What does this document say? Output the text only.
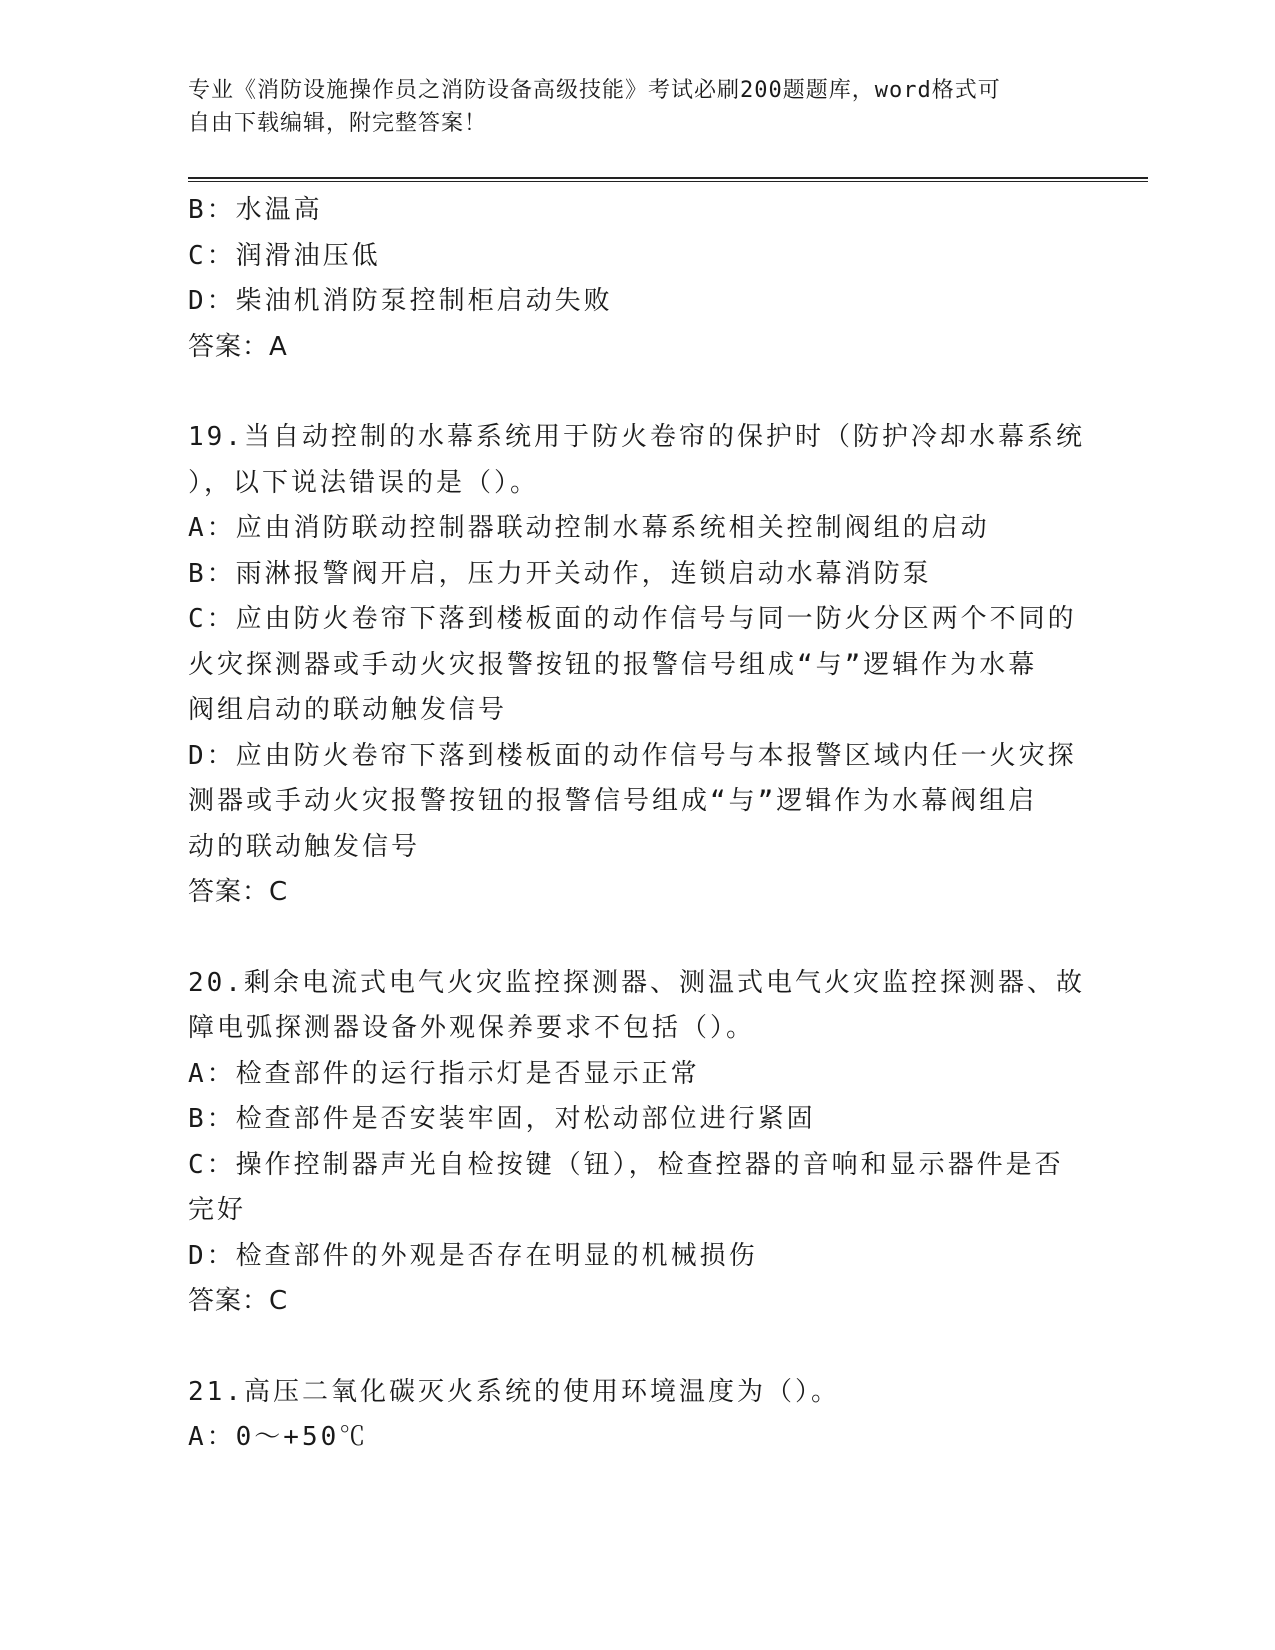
专业《消防设施操作员之消防设备高级技能》考试必刷200题题库，word格式可
自由下载编辑，附完整答案！
B：水温高
C：润滑油压低
D：柴油机消防泵控制柜启动失败
答案：A
19.当自动控制的水幕系统用于防火卷帘的保护时（防护冷却水幕系统
），以下说法错误的是（）。
A：应由消防联动控制器联动控制水幕系统相关控制阀组的启动
B：雨淋报警阀开启，压力开关动作，连锁启动水幕消防泵
C：应由防火卷帘下落到楼板面的动作信号与同一防火分区两个不同的
火灾探测器或手动火灾报警按钮的报警信号组成“与”逻辑作为水幕
阀组启动的联动触发信号
D：应由防火卷帘下落到楼板面的动作信号与本报警区域内任一火灾探
测器或手动火灾报警按钮的报警信号组成“与”逻辑作为水幕阀组启
动的联动触发信号
答案：C
20.剩余电流式电气火灾监控探测器、测温式电气火灾监控探测器、故
障电弧探测器设备外观保养要求不包括（）。
A：检查部件的运行指示灯是否显示正常
B：检查部件是否安装牢固，对松动部位进行紧固
C：操作控制器声光自检按键（钮），检查控器的音响和显示器件是否
完好
D：检查部件的外观是否存在明显的机械损伤
答案：C
21.高压二氧化碳灭火系统的使用环境温度为（）。
A：0～+50℃
